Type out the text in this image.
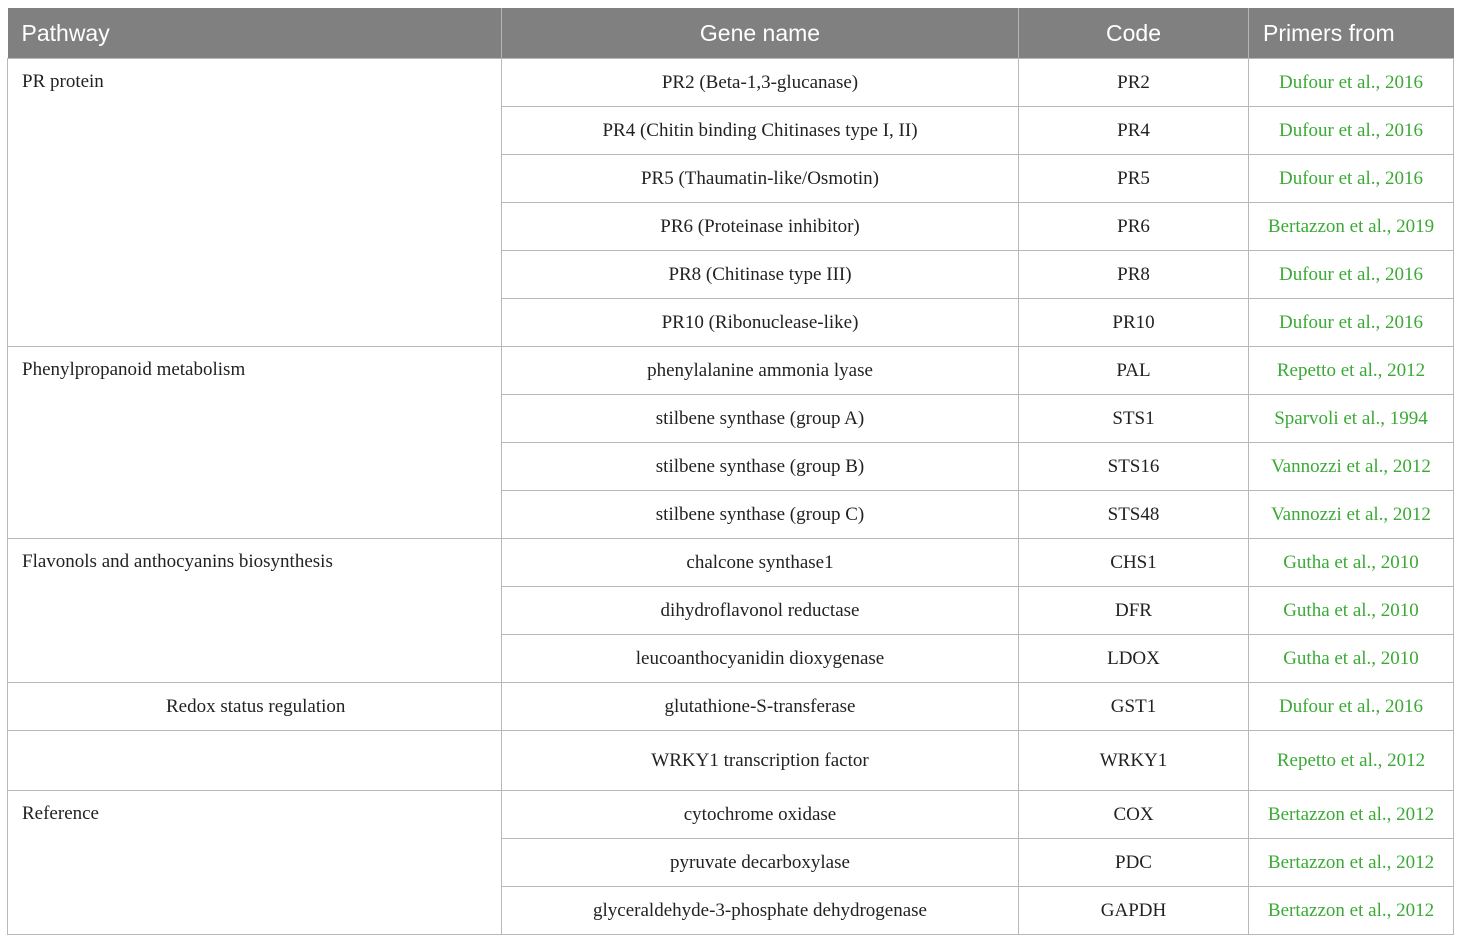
Pathway	Gene name	Code	Primers from
PR protein	PR2 (Beta-1,3-glucanase)	PR2	Dufour et al., 2016
	PR4 (Chitin binding Chitinases type I, II)	PR4	Dufour et al., 2016
	PR5 (Thaumatin-like/Osmotin)	PR5	Dufour et al., 2016
	PR6 (Proteinase inhibitor)	PR6	Bertazzon et al., 2019
	PR8 (Chitinase type III)	PR8	Dufour et al., 2016
	PR10 (Ribonuclease-like)	PR10	Dufour et al., 2016
Phenylpropanoid metabolism	phenylalanine ammonia lyase	PAL	Repetto et al., 2012
	stilbene synthase (group A)	STS1	Sparvoli et al., 1994
	stilbene synthase (group B)	STS16	Vannozzi et al., 2012
	stilbene synthase (group C)	STS48	Vannozzi et al., 2012
Flavonols and anthocyanins biosynthesis	chalcone synthase1	CHS1	Gutha et al., 2010
	dihydroflavonol reductase	DFR	Gutha et al., 2010
	leucoanthocyanidin dioxygenase	LDOX	Gutha et al., 2010
Redox status regulation	glutathione-S-transferase	GST1	Dufour et al., 2016
	WRKY1 transcription factor	WRKY1	Repetto et al., 2012
Reference	cytochrome oxidase	COX	Bertazzon et al., 2012
	pyruvate decarboxylase	PDC	Bertazzon et al., 2012
	glyceraldehyde-3-phosphate dehydrogenase	GAPDH	Bertazzon et al., 2012
